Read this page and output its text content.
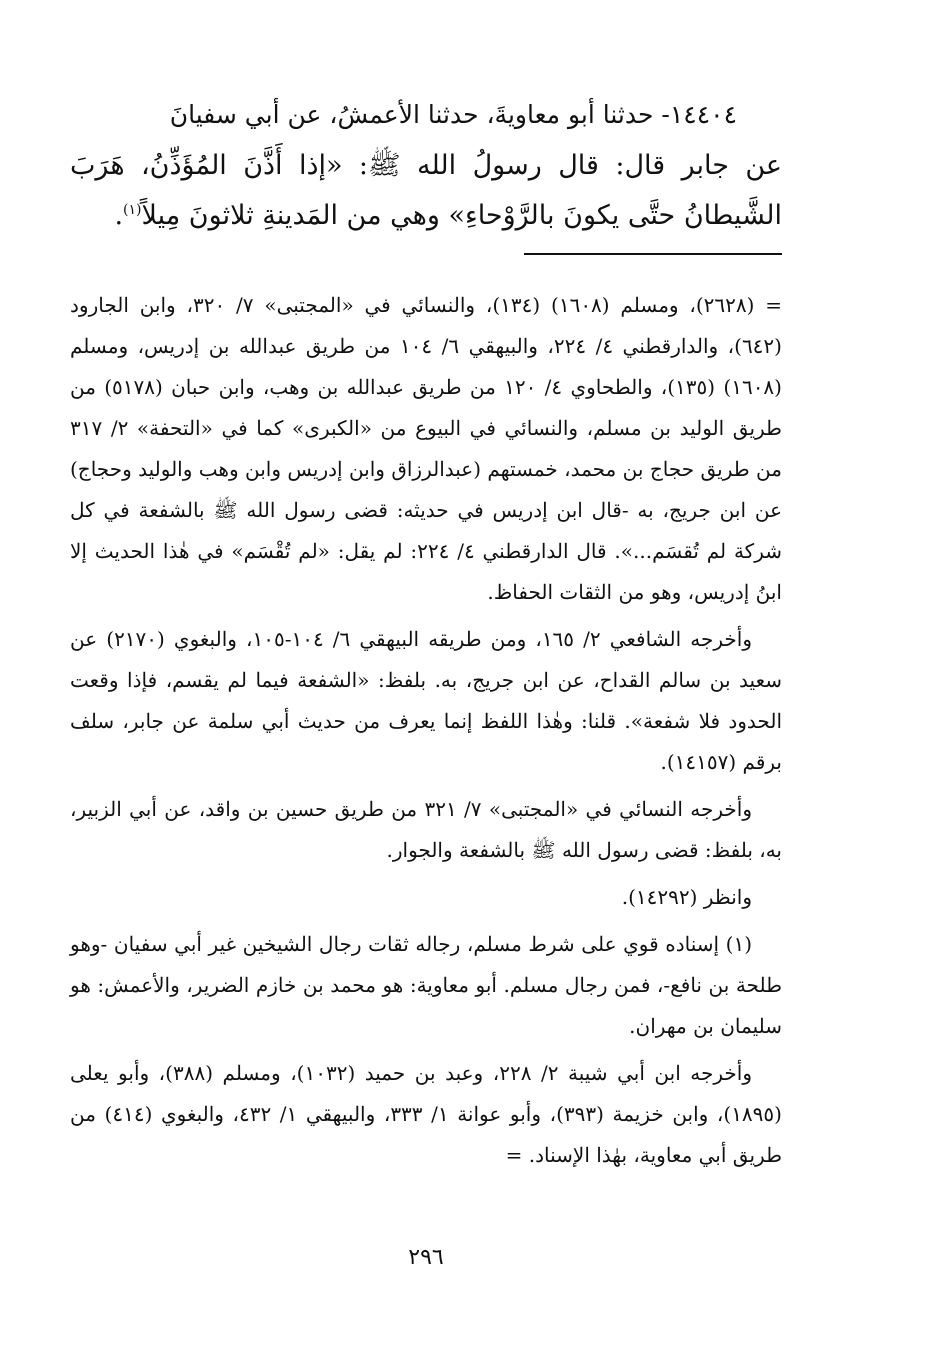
١٤٤٠٤- حدثنا أبو معاويةَ، حدثنا الأعمشُ، عن أبي سفيانَ
عن جابر قال: قال رسولُ الله ﷺ: «إذا أَذَّنَ المُؤَذِّنُ، هَرَبَ الشَّيطانُ حتَّى يكونَ بالرَّوْحاءِ» وهي من المَدينةِ ثلاثونَ مِيلاً$^{(١)}$.

= (٢٦٢٨)، ومسلم (١٦٠٨) (١٣٤)، والنسائي في «المجتبى» ٧/ ٣٢٠، وابن الجارود (٦٤٢)، والدارقطني ٤/ ٢٢٤، والبيهقي ٦/ ١٠٤ من طريق عبدالله بن إدريس، ومسلم (١٦٠٨) (١٣٥)، والطحاوي ٤/ ١٢٠ من طريق عبدالله بن وهب، وابن حبان (٥١٧٨) من طريق الوليد بن مسلم، والنسائي في البيوع من «الكبرى» كما في «التحفة» ٢/ ٣١٧ من طريق حجاج بن محمد، خمستهم (عبدالرزاق وابن إدريس وابن وهب والوليد وحجاج) عن ابن جريج، به -قال ابن إدريس في حديثه: قضى رسول الله ﷺ بالشفعة في كل شركة لم تُقسَم...». قال الدارقطني ٤/ ٢٢٤: لم يقل: «لم تُقْسَم» في هٰذا الحديث إلا ابنُ إدريس، وهو من الثقات الحفاظ.

وأخرجه الشافعي ٢/ ١٦٥، ومن طريقه البيهقي ٦/ ١٠٤-١٠٥، والبغوي (٢١٧٠) عن سعيد بن سالم القداح، عن ابن جريج، به. بلفظ: «الشفعة فيما لم يقسم، فإذا وقعت الحدود فلا شفعة». قلنا: وهٰذا اللفظ إنما يعرف من حديث أبي سلمة عن جابر، سلف برقم (١٤١٥٧).

وأخرجه النسائي في «المجتبى» ٧/ ٣٢١ من طريق حسين بن واقد، عن أبي الزبير، به، بلفظ: قضى رسول الله ﷺ بالشفعة والجوار.

وانظر (١٤٢٩٢).

(١) إسناده قوي على شرط مسلم، رجاله ثقات رجال الشيخين غير أبي سفيان -وهو طلحة بن نافع-، فمن رجال مسلم. أبو معاوية: هو محمد بن خازم الضرير، والأعمش: هو سليمان بن مهران.

وأخرجه ابن أبي شيبة ٢/ ٢٢٨، وعبد بن حميد (١٠٣٢)، ومسلم (٣٨٨)، وأبو يعلى (١٨٩٥)، وابن خزيمة (٣٩٣)، وأبو عوانة ١/ ٣٣٣، والبيهقي ١/ ٤٣٢، والبغوي (٤١٤) من طريق أبي معاوية، بهٰذا الإسناد. =

٢٩٦
